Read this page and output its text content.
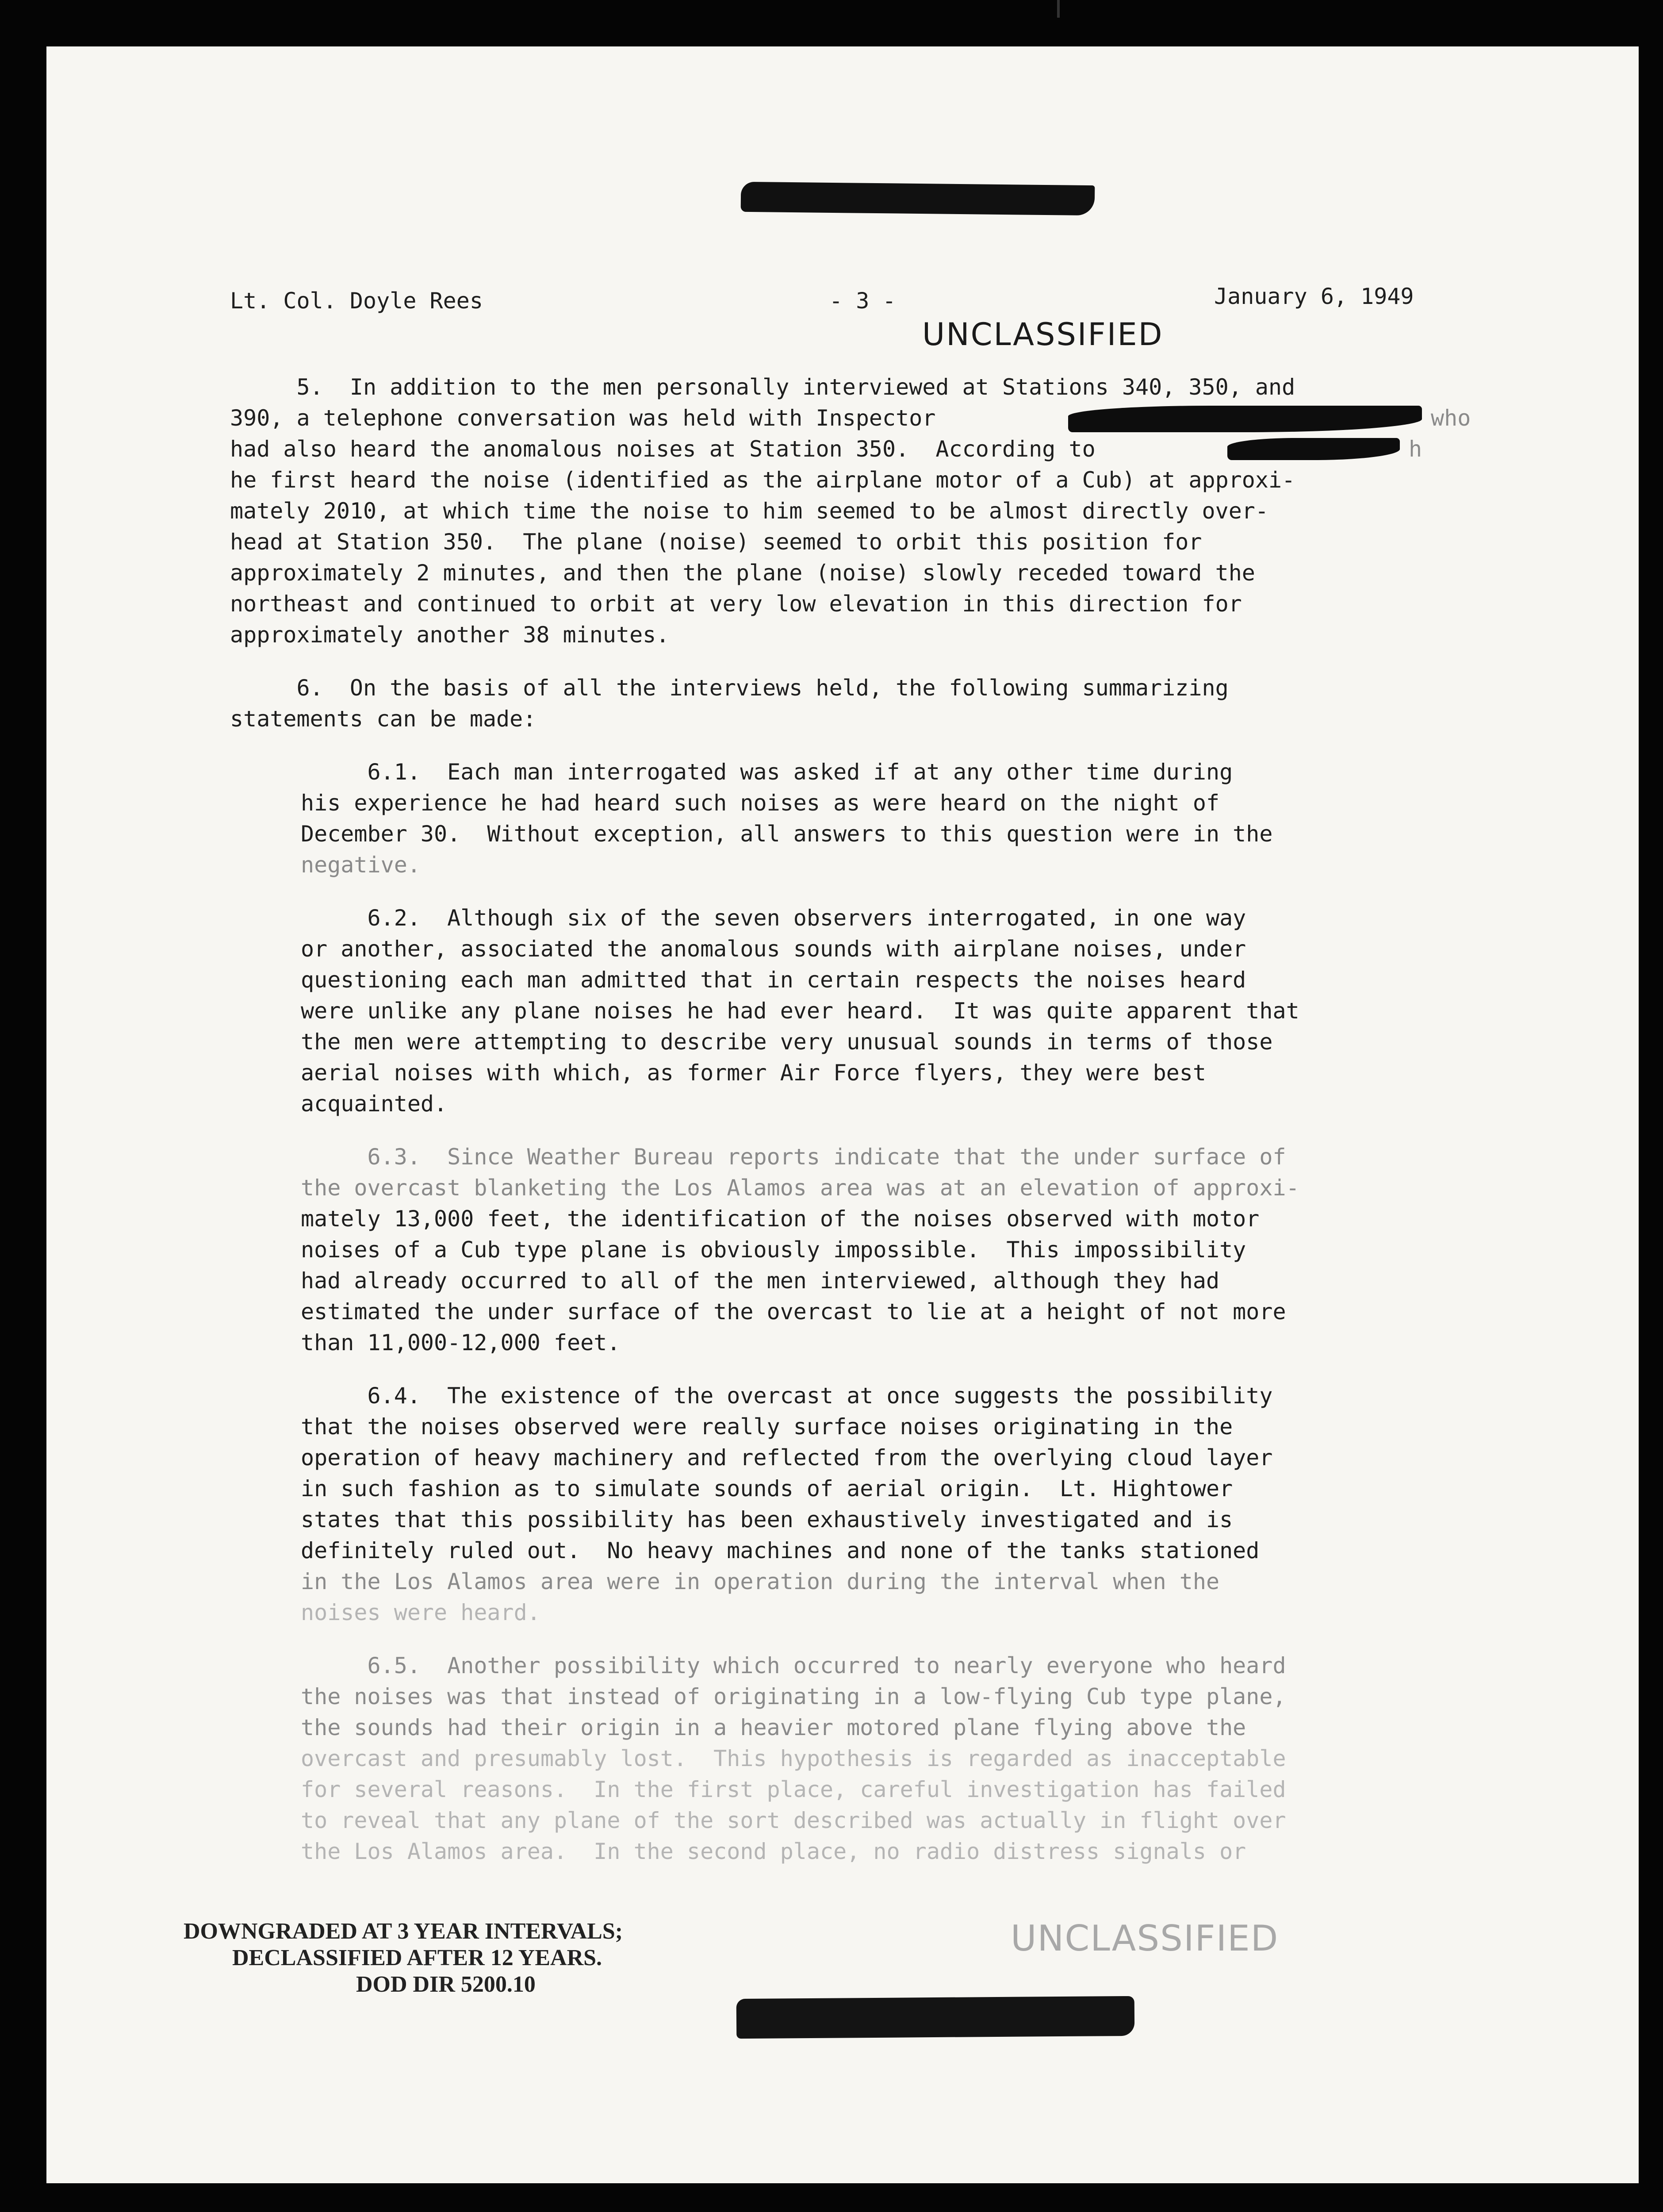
Lt. Col. Doyle Rees	- 3 -	January 6, 1949
UNCLASSIFIED
5.  In addition to the men personally interviewed at Stations 340, 350, and
390, a telephone conversation was held with Inspector	who
had also heard the anomalous noises at Station 350.  According to	h
he first heard the noise (identified as the airplane motor of a Cub) at approxi-
mately 2010, at which time the noise to him seemed to be almost directly over-
head at Station 350.  The plane (noise) seemed to orbit this position for
approximately 2 minutes, and then the plane (noise) slowly receded toward the
northeast and continued to orbit at very low elevation in this direction for
approximately another 38 minutes.
6.  On the basis of all the interviews held, the following summarizing
statements can be made:
6.1.  Each man interrogated was asked if at any other time during
his experience he had heard such noises as were heard on the night of
December 30.  Without exception, all answers to this question were in the
negative.
6.2.  Although six of the seven observers interrogated, in one way
or another, associated the anomalous sounds with airplane noises, under
questioning each man admitted that in certain respects the noises heard
were unlike any plane noises he had ever heard.  It was quite apparent that
the men were attempting to describe very unusual sounds in terms of those
aerial noises with which, as former Air Force flyers, they were best
acquainted.
6.3.  Since Weather Bureau reports indicate that the under surface of
the overcast blanketing the Los Alamos area was at an elevation of approxi-
mately 13,000 feet, the identification of the noises observed with motor
noises of a Cub type plane is obviously impossible.  This impossibility
had already occurred to all of the men interviewed, although they had
estimated the under surface of the overcast to lie at a height of not more
than 11,000-12,000 feet.
6.4.  The existence of the overcast at once suggests the possibility
that the noises observed were really surface noises originating in the
operation of heavy machinery and reflected from the overlying cloud layer
in such fashion as to simulate sounds of aerial origin.  Lt. Hightower
states that this possibility has been exhaustively investigated and is
definitely ruled out.  No heavy machines and none of the tanks stationed
in the Los Alamos area were in operation during the interval when the
noises were heard.
6.5.  Another possibility which occurred to nearly everyone who heard
the noises was that instead of originating in a low-flying Cub type plane,
the sounds had their origin in a heavier motored plane flying above the
overcast and presumably lost.  This hypothesis is regarded as inacceptable
for several reasons.  In the first place, careful investigation has failed
to reveal that any plane of the sort described was actually in flight over
the Los Alamos area.  In the second place, no radio distress signals or
DOWNGRADED AT 3 YEAR INTERVALS;
DECLASSIFIED AFTER 12 YEARS.
DOD DIR 5200.10
UNCLASSIFIED
